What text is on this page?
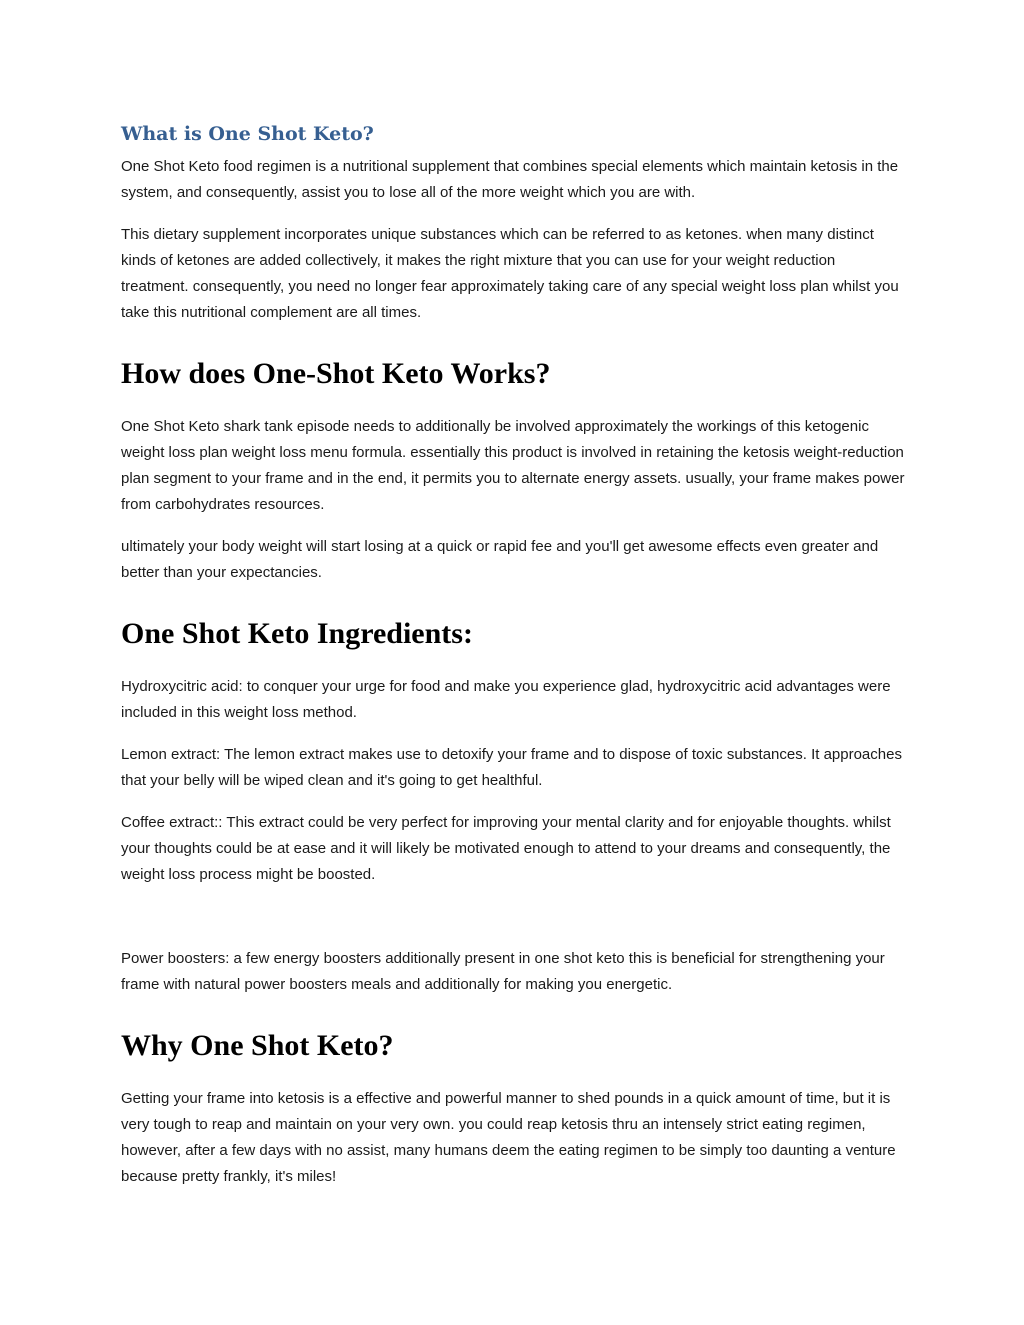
What is One Shot Keto?

One Shot Keto food regimen is a nutritional supplement that combines special elements which maintain ketosis in the system, and consequently, assist you to lose all of the more weight which you are with.

This dietary supplement incorporates unique substances which can be referred to as ketones. when many distinct kinds of ketones are added collectively, it makes the right mixture that you can use for your weight reduction treatment. consequently, you need no longer fear approximately taking care of any special weight loss plan whilst you take this nutritional complement are all times.

How does One-Shot Keto Works?

One Shot Keto shark tank episode needs to additionally be involved approximately the workings of this ketogenic weight loss plan weight loss menu formula. essentially this product is involved in retaining the ketosis weight-reduction plan segment to your frame and in the end, it permits you to alternate energy assets. usually, your frame makes power from carbohydrates resources.

ultimately your body weight will start losing at a quick or rapid fee and you'll get awesome effects even greater and better than your expectancies.

One Shot Keto Ingredients:

Hydroxycitric acid: to conquer your urge for food and make you experience glad, hydroxycitric acid advantages were included in this weight loss method.

Lemon extract: The lemon extract makes use to detoxify your frame and to dispose of toxic substances. It approaches that your belly will be wiped clean and it's going to get healthful.

Coffee extract:: This extract could be very perfect for improving your mental clarity and for enjoyable thoughts. whilst your thoughts could be at ease and it will likely be motivated enough to attend to your dreams and consequently, the weight loss process might be boosted.

Power boosters: a few energy boosters additionally present in one shot keto this is beneficial for strengthening your frame with natural power boosters meals and additionally for making you energetic.

Why One Shot Keto?

Getting your frame into ketosis is a effective and powerful manner to shed pounds in a quick amount of time, but it is very tough to reap and maintain on your very own. you could reap ketosis thru an intensely strict eating regimen, however, after a few days with no assist, many humans deem the eating regimen to be simply too daunting a venture because pretty frankly, it's miles!
